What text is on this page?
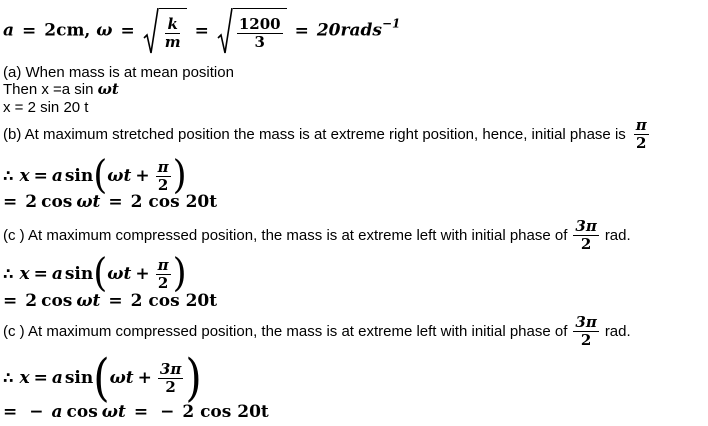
a = 2cm, $\omega = \frac{k}{m} = \frac{1200}{3}$ = 20rads$^{-1}$
(a) When mass is at mean position
Then x =a sin ωt
x = 2 sin 20 t
(b) At maximum stretched position the mass is at extreme right position, hence, initial phase is $\frac{\pi}{2}$
∴ x = a sin ( $\omega t + \frac{\pi}{2}$ )
= 2 cos ωt = 2 cos 20t
(c ) At maximum compressed position, the mass is at extreme left with initial phase of $\frac{3\pi}{2}$ rad.
∴ x = a sin ( $\omega t + \frac{\pi}{2}$ )
= 2 cos ωt = 2 cos 20t
(c ) At maximum compressed position, the mass is at extreme left with initial phase of $\frac{3\pi}{2}$ rad.
∴ x = a sin ( $\omega t + \frac{3\pi}{2}$ )
= − a cos ωt = − 2 cos 20t
